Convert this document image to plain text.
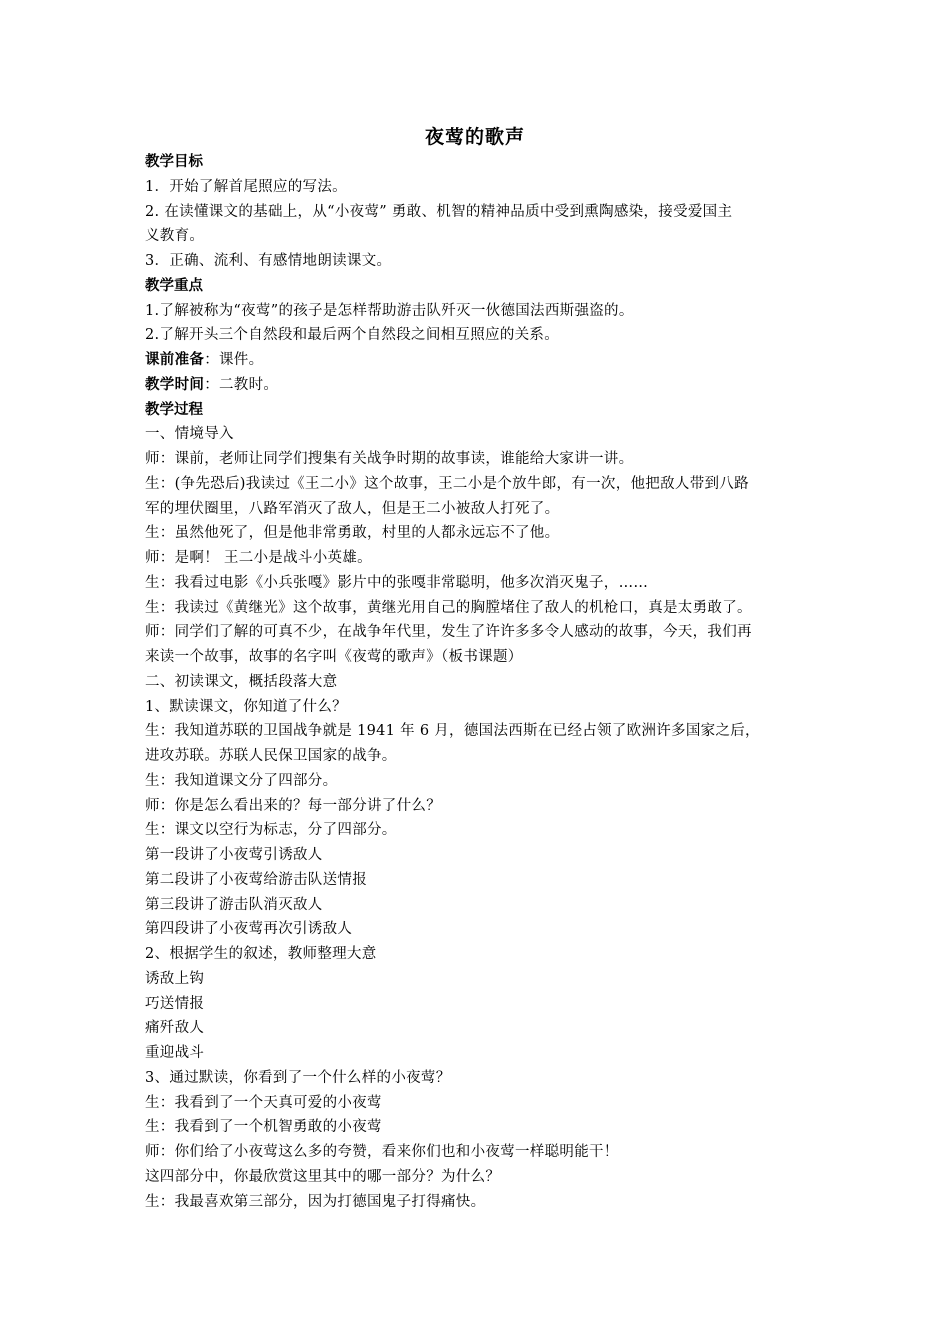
夜莺的歌声
教学目标
1．开始了解首尾照应的写法。
2. 在读懂课文的基础上，从“小夜莺” 勇敢、机智的精神品质中受到熏陶感染，接受爱国主
义教育。
3．正确、流利、有感情地朗读课文。
教学重点
1.了解被称为“夜莺”的孩子是怎样帮助游击队歼灭一伙德国法西斯强盗的。
2.了解开头三个自然段和最后两个自然段之间相互照应的关系。
课前准备：课件。
教学时间：二教时。
教学过程
一、情境导入
师：课前，老师让同学们搜集有关战争时期的故事读，谁能给大家讲一讲。
生：(争先恐后)我读过《王二小》这个故事，王二小是个放牛郎，有一次，他把敌人带到八路
军的埋伏圈里，八路军消灭了敌人，但是王二小被敌人打死了。
生：虽然他死了，但是他非常勇敢，村里的人都永远忘不了他。
师：是啊！ 王二小是战斗小英雄。
生：我看过电影《小兵张嘎》影片中的张嘎非常聪明，他多次消灭鬼子，……
生：我读过《黄继光》这个故事，黄继光用自己的胸膛堵住了敌人的机枪口，真是太勇敢了。
师：同学们了解的可真不少，在战争年代里，发生了许许多多令人感动的故事，今天，我们再
来读一个故事，故事的名字叫《夜莺的歌声》（板书课题）
二、初读课文，概括段落大意
1、默读课文，你知道了什么？
生：我知道苏联的卫国战争就是 1941 年 6 月，德国法西斯在已经占领了欧洲许多国家之后，
进攻苏联。苏联人民保卫国家的战争。
生：我知道课文分了四部分。
师：你是怎么看出来的？每一部分讲了什么？
生：课文以空行为标志，分了四部分。
第一段讲了小夜莺引诱敌人
第二段讲了小夜莺给游击队送情报
第三段讲了游击队消灭敌人
第四段讲了小夜莺再次引诱敌人
2、根据学生的叙述，教师整理大意
诱敌上钩
巧送情报
痛歼敌人
重迎战斗
3、通过默读，你看到了一个什么样的小夜莺？
生：我看到了一个天真可爱的小夜莺
生：我看到了一个机智勇敢的小夜莺
师：你们给了小夜莺这么多的夸赞，看来你们也和小夜莺一样聪明能干！
这四部分中，你最欣赏这里其中的哪一部分？为什么？
生：我最喜欢第三部分，因为打德国鬼子打得痛快。
